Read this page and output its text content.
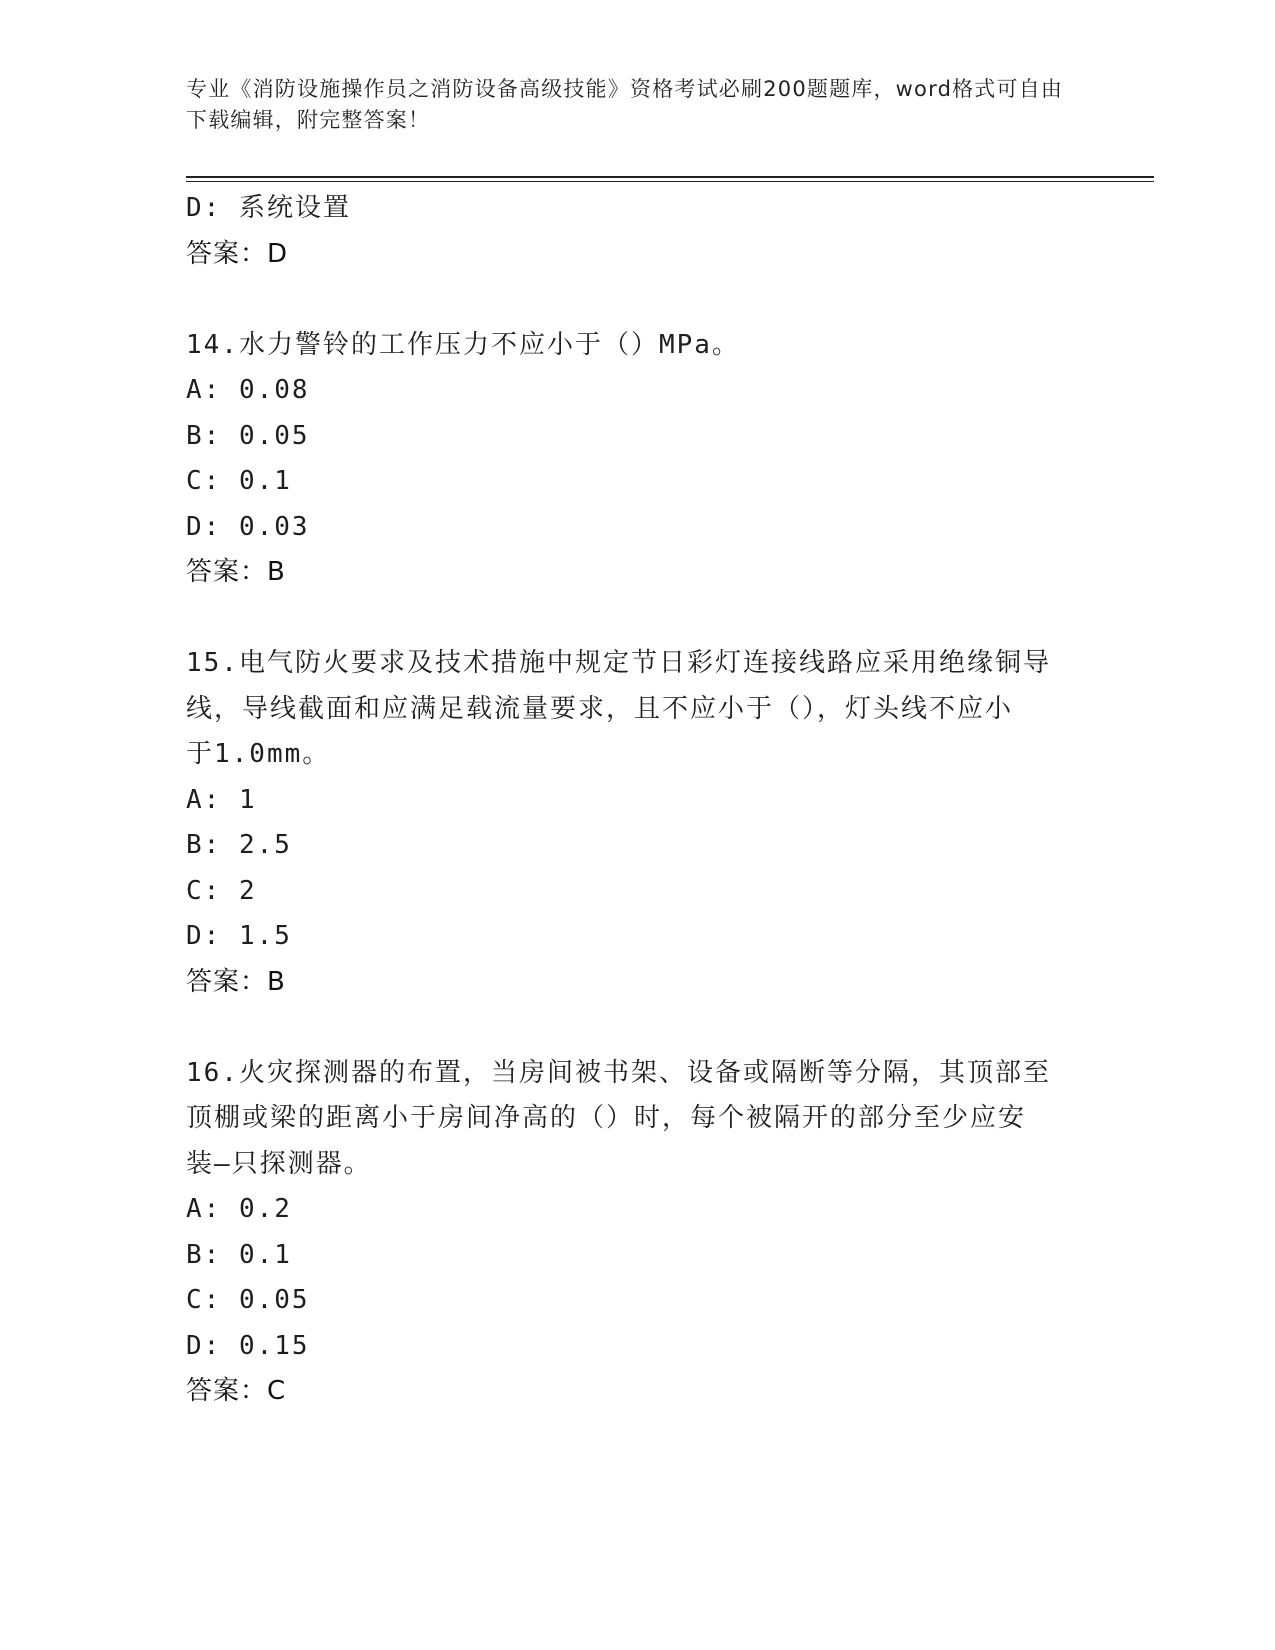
专业《消防设施操作员之消防设备高级技能》资格考试必刷200题题库，word格式可自由下载编辑，附完整答案！
D: 系统设置
答案：D
14.水力警铃的工作压力不应小于（）MPa。
A: 0.08
B: 0.05
C: 0.1
D: 0.03
答案：B
15.电气防火要求及技术措施中规定节日彩灯连接线路应采用绝缘铜导
线，导线截面和应满足载流量要求，且不应小于（），灯头线不应小
于1.0mm。
A: 1
B: 2.5
C: 2
D: 1.5
答案：B
16.火灾探测器的布置，当房间被书架、设备或隔断等分隔，其顶部至
顶棚或梁的距离小于房间净高的（）时，每个被隔开的部分至少应安
装—只探测器。
A: 0.2
B: 0.1
C: 0.05
D: 0.15
答案：C
